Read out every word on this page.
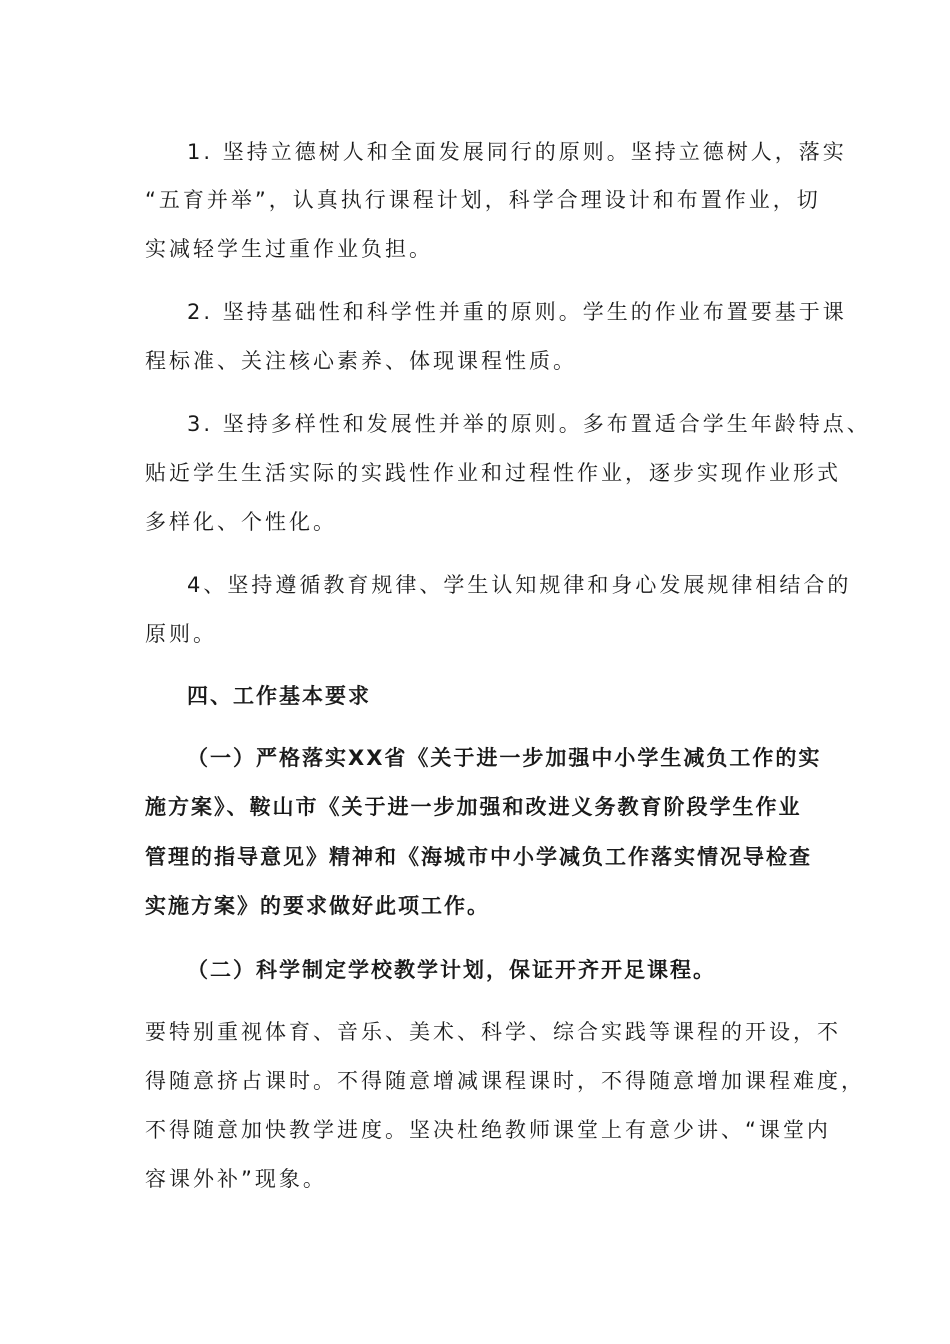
1. 坚持立德树人和全面发展同行的原则。坚持立德树人，落实
“五育并举”，认真执行课程计划，科学合理设计和布置作业，切
实减轻学生过重作业负担。
2. 坚持基础性和科学性并重的原则。学生的作业布置要基于课
程标准、关注核心素养、体现课程性质。
3. 坚持多样性和发展性并举的原则。多布置适合学生年龄特点、
贴近学生生活实际的实践性作业和过程性作业，逐步实现作业形式
多样化、个性化。
4、坚持遵循教育规律、学生认知规律和身心发展规律相结合的
原则。
四、工作基本要求
（一）严格落实XX省《关于进一步加强中小学生减负工作的实
施方案》、鞍山市《关于进一步加强和改进义务教育阶段学生作业
管理的指导意见》精神和《海城市中小学减负工作落实情况导检查
实施方案》的要求做好此项工作。
（二）科学制定学校教学计划，保证开齐开足课程。
要特别重视体育、音乐、美术、科学、综合实践等课程的开设，不
得随意挤占课时。不得随意增减课程课时，不得随意增加课程难度，
不得随意加快教学进度。坚决杜绝教师课堂上有意少讲、“课堂内
容课外补”现象。
